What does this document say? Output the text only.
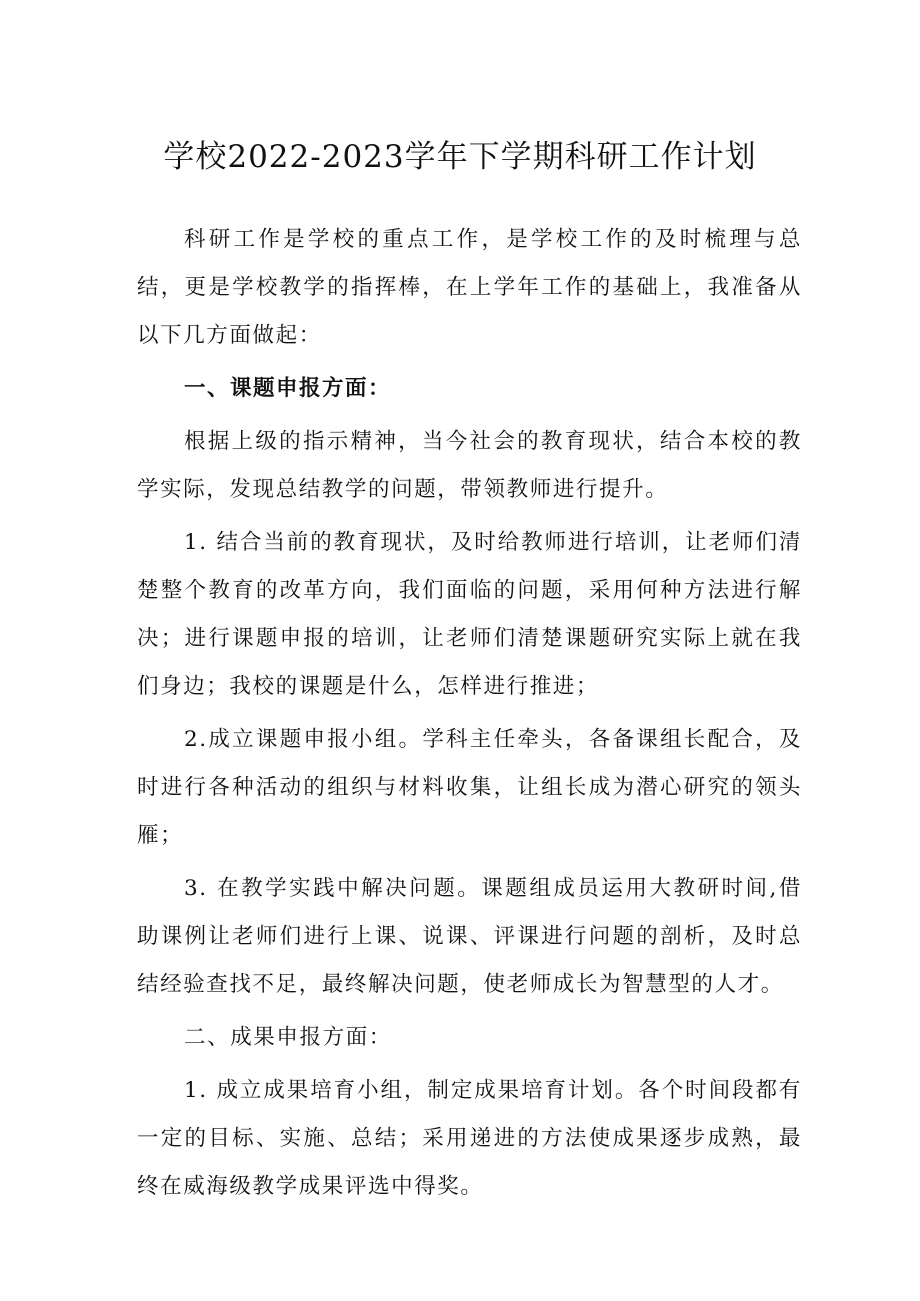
学校2022-2023学年下学期科研工作计划

科研工作是学校的重点工作，是学校工作的及时梳理与总结，更是学校教学的指挥棒，在上学年工作的基础上，我准备从以下几方面做起：

一、课题申报方面：

根据上级的指示精神，当今社会的教育现状，结合本校的教学实际，发现总结教学的问题，带领教师进行提升。

1. 结合当前的教育现状，及时给教师进行培训，让老师们清楚整个教育的改革方向，我们面临的问题，采用何种方法进行解决；进行课题申报的培训，让老师们清楚课题研究实际上就在我们身边；我校的课题是什么，怎样进行推进；

2.成立课题申报小组。学科主任牵头，各备课组长配合，及时进行各种活动的组织与材料收集，让组长成为潜心研究的领头雁；

3. 在教学实践中解决问题。课题组成员运用大教研时间,借助课例让老师们进行上课、说课、评课进行问题的剖析，及时总结经验查找不足，最终解决问题，使老师成长为智慧型的人才。

二、成果申报方面：

1. 成立成果培育小组，制定成果培育计划。各个时间段都有一定的目标、实施、总结；采用递进的方法使成果逐步成熟，最终在威海级教学成果评选中得奖。
